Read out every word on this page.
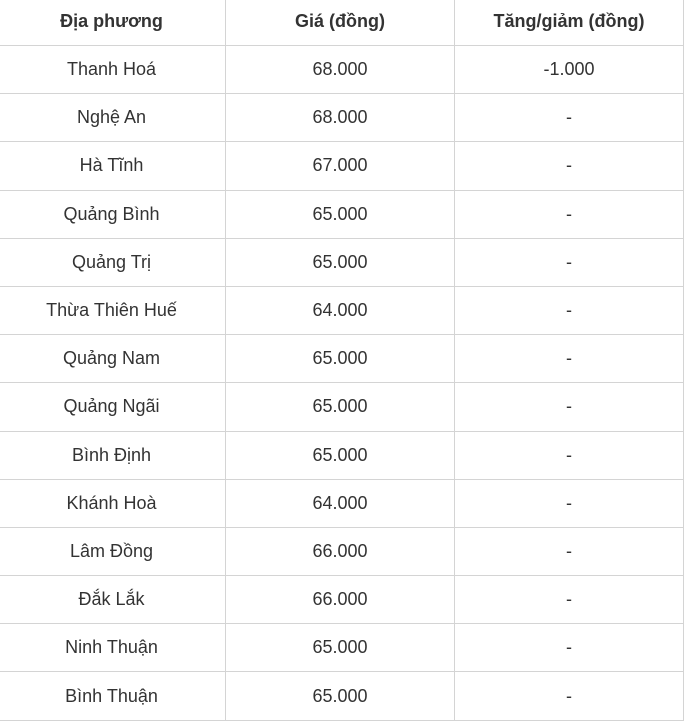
Địa phương	Giá (đồng)	Tăng/giảm (đồng)
Thanh Hoá	68.000	-1.000
Nghệ An	68.000	-
Hà Tĩnh	67.000	-
Quảng Bình	65.000	-
Quảng Trị	65.000	-
Thừa Thiên Huế	64.000	-
Quảng Nam	65.000	-
Quảng Ngãi	65.000	-
Bình Định	65.000	-
Khánh Hoà	64.000	-
Lâm Đồng	66.000	-
Đắk Lắk	66.000	-
Ninh Thuận	65.000	-
Bình Thuận	65.000	-
